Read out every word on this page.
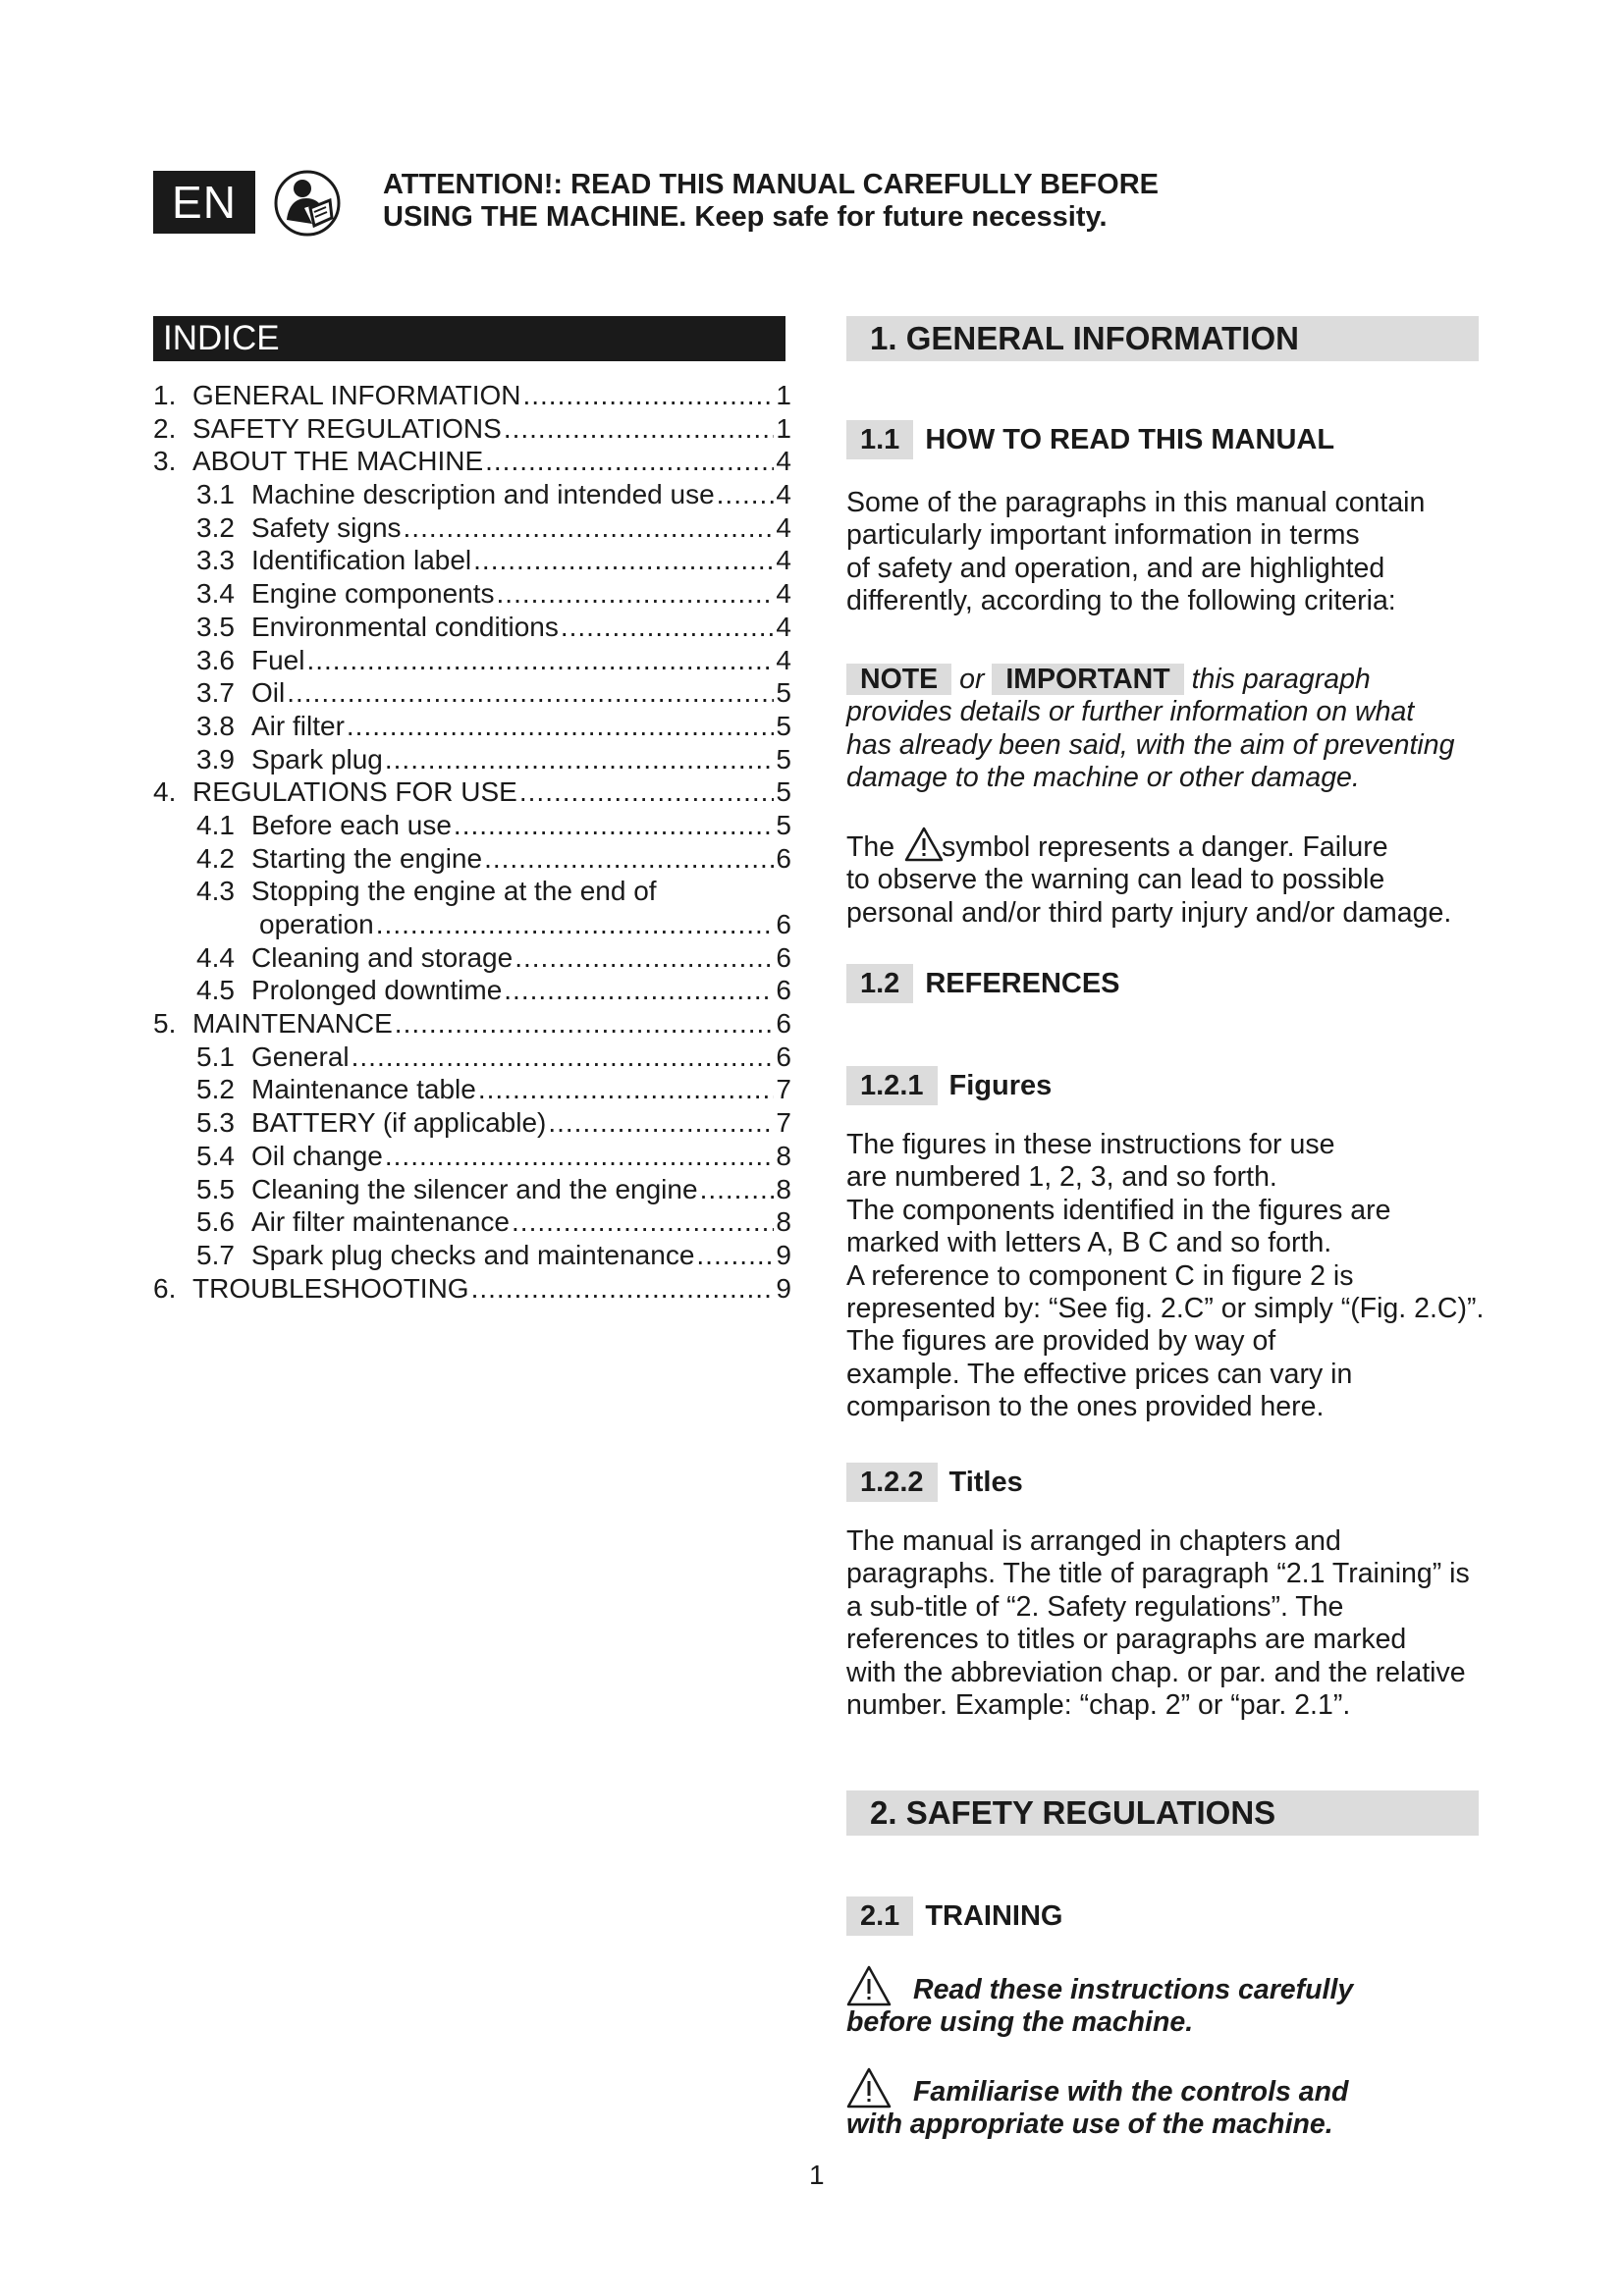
EN	ATTENTION!: READ THIS MANUAL CAREFULLY BEFORE
USING THE MACHINE. Keep safe for future necessity.
INDICE
1. GENERAL INFORMATION .....	1
2. SAFETY REGULATIONS .....	1
3. ABOUT THE MACHINE .....	4
3.1 Machine description and intended use ..... 4
3.2 Safety signs .....	4
3.3 Identification label .....	4
3.4 Engine components .....	4
3.5 Environmental conditions .....	4
3.6 Fuel .....	4
3.7 Oil .....	5
3.8 Air filter .....	5
3.9 Spark plug .....	5
4. REGULATIONS FOR USE .....	5
4.1 Before each use .....	5
4.2 Starting the engine .....	6
4.3 Stopping the engine at the end of
operation .....	6
4.4 Cleaning and storage .....	6
4.5 Prolonged downtime .....	6
5. MAINTENANCE .....	6
5.1 General .....	6
5.2 Maintenance table .....	7
5.3 BATTERY (if applicable) .....	7
5.4 Oil change .....	8
5.5 Cleaning the silencer and the engine .....	8
5.6 Air filter maintenance .....	8
5.7 Spark plug checks and maintenance .....	9
6. TROUBLESHOOTING .....	9
1. GENERAL INFORMATION
1.1 HOW TO READ THIS MANUAL
Some of the paragraphs in this manual contain
particularly important information in terms
of safety and operation, and are highlighted
differently, according to the following criteria:
NOTE or IMPORTANT this paragraph
provides details or further information on what
has already been said, with the aim of preventing
damage to the machine or other damage.
The symbol represents a danger. Failure
to observe the warning can lead to possible
personal and/or third party injury and/or damage.
1.2 REFERENCES
1.2.1 Figures
The figures in these instructions for use
are numbered 1, 2, 3, and so forth.
The components identified in the figures are
marked with letters A, B C and so forth.
A reference to component C in figure 2 is
represented by: “See fig. 2.C” or simply “(Fig. 2.C)”.
The figures are provided by way of
example. The effective prices can vary in
comparison to the ones provided here.
1.2.2 Titles
The manual is arranged in chapters and
paragraphs. The title of paragraph “2.1 Training” is
a sub-title of “2. Safety regulations”. The
references to titles or paragraphs are marked
with the abbreviation chap. or par. and the relative
number. Example: “chap. 2” or “par. 2.1”.
2. SAFETY REGULATIONS
2.1 TRAINING
Read these instructions carefully
before using the machine.
Familiarise with the controls and
with appropriate use of the machine.
1
